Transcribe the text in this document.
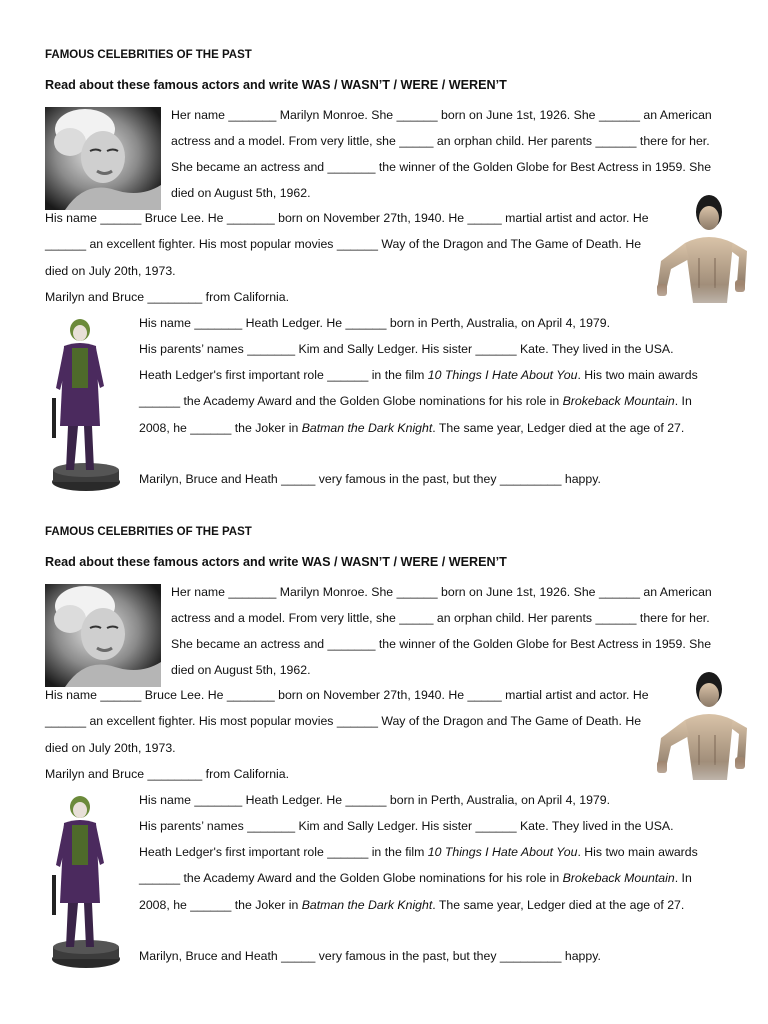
FAMOUS CELEBRITIES OF THE PAST
Read about these famous actors and write WAS / WASN’T / WERE / WEREN’T
Her name _______ Marilyn Monroe. She ______ born on June 1st, 1926. She ______ an American
actress and a model. From very little, she _____ an orphan child. Her parents ______ there for her.
She became an actress and _______ the winner of the Golden Globe for Best Actress in 1959. She
died on August 5th, 1962.
His name ______ Bruce Lee. He _______ born on November 27th, 1940. He _____ martial artist and actor. He
______ an excellent fighter. His most popular movies ______ Way of the Dragon and The Game of Death. He
died on July 20th, 1973.
Marilyn and Bruce ________ from California.
His name _______ Heath Ledger. He ______ born in Perth, Australia, on April 4, 1979.
His parents’ names _______ Kim and Sally Ledger. His sister ______ Kate. They lived in the USA.
Heath Ledger's first important role ______ in the film 10 Things I Hate About You. His two main awards
______ the Academy Award and the Golden Globe nominations for his role in Brokeback Mountain. In
2008, he ______ the Joker in Batman the Dark Knight. The same year, Ledger died at the age of 27.
Marilyn, Bruce and Heath _____ very famous in the past, but they _________ happy.
FAMOUS CELEBRITIES OF THE PAST
Read about these famous actors and write WAS / WASN’T / WERE / WEREN’T
Her name _______ Marilyn Monroe. She ______ born on June 1st, 1926. She ______ an American
actress and a model. From very little, she _____ an orphan child. Her parents ______ there for her.
She became an actress and _______ the winner of the Golden Globe for Best Actress in 1959. She
died on August 5th, 1962.
His name ______ Bruce Lee. He _______ born on November 27th, 1940. He _____ martial artist and actor. He
______ an excellent fighter. His most popular movies ______ Way of the Dragon and The Game of Death. He
died on July 20th, 1973.
Marilyn and Bruce ________ from California.
His name _______ Heath Ledger. He ______ born in Perth, Australia, on April 4, 1979.
His parents’ names _______ Kim and Sally Ledger. His sister ______ Kate. They lived in the USA.
Heath Ledger's first important role ______ in the film 10 Things I Hate About You. His two main awards
______ the Academy Award and the Golden Globe nominations for his role in Brokeback Mountain. In
2008, he ______ the Joker in Batman the Dark Knight. The same year, Ledger died at the age of 27.
Marilyn, Bruce and Heath _____ very famous in the past, but they _________ happy.
